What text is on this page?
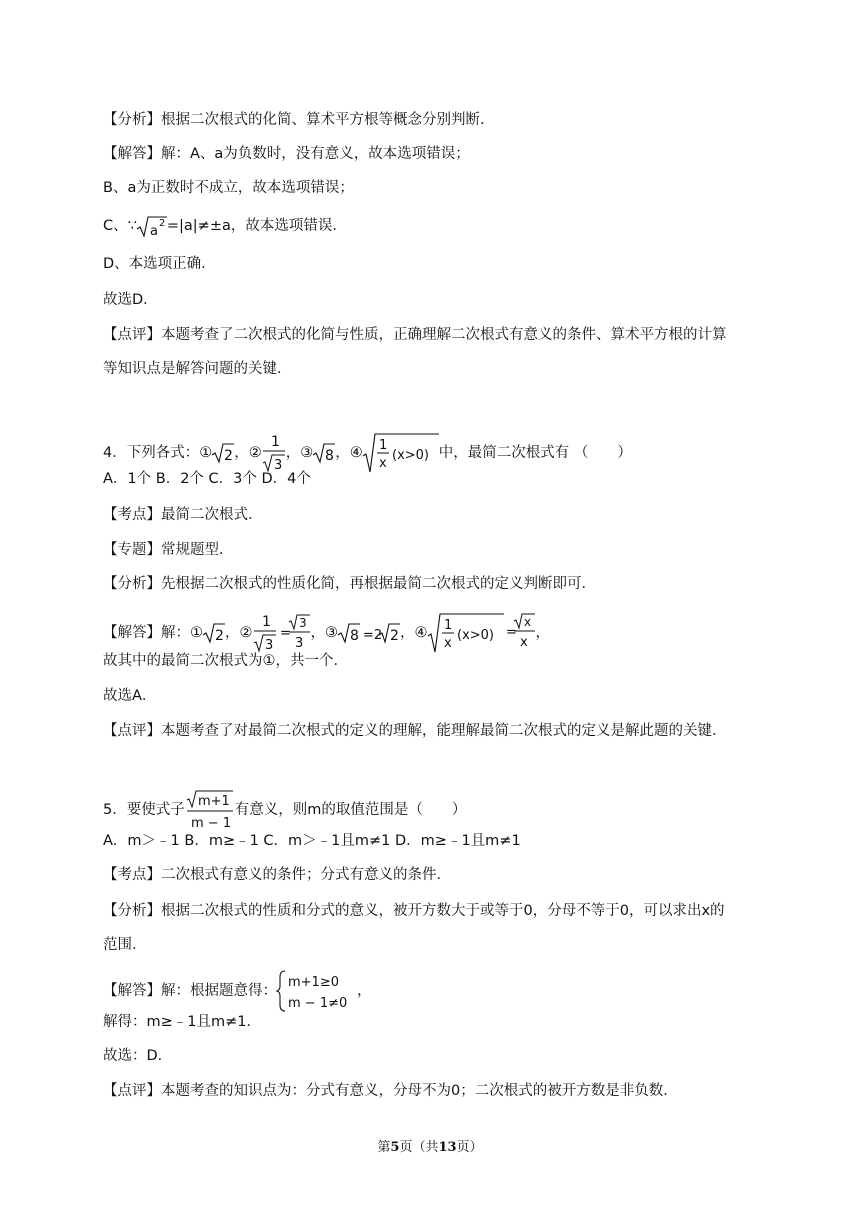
【分析】根据二次根式的化简、算术平方根等概念分别判断．
【解答】解：A、a为负数时，没有意义，故本选项错误；
B、a为正数时不成立，故本选项错误；
C、∵ a
2 =|a|≠±a，故本选项错误．
D、本选项正确．
故选D．
【点评】本题考查了二次根式的化简与性质，正确理解二次根式有意义的条件、算术平方根的计算
等知识点是解答问题的关键．
4．下列各式：① 2 ，②
1
3
，③ 8 ，④ 1
x
(x>0) 中，最简二次根式有 （　　）
A．1个 B．2个 C．3个 D．4个
【考点】最简二次根式．
【专题】常规题型．
【分析】先根据二次根式的性质化简，再根据最简二次根式的定义判断即可．
【解答】解：① 2 ，②
1
3
=
3
3
，③ 8 =2 2 ，④ 1
x
(x>0) =
x
x
，
故其中的最简二次根式为①，共一个．
故选A．
【点评】本题考查了对最简二次根式的定义的理解，能理解最简二次根式的定义是解此题的关键．
5．要使式子
m+1
m − 1
有意义，则m的取值范围是（　　）
A．m＞﹣1 B．m≥﹣1 C．m＞﹣1且m≠1 D．m≥﹣1且m≠1
【考点】二次根式有意义的条件；分式有意义的条件．
【分析】根据二次根式的性质和分式的意义，被开方数大于或等于0，分母不等于0，可以求出x的
范围．
【解答】解：根据题意得：
m+1≥0
m − 1≠0
，
解得：m≥﹣1且m≠1．
故选：D．
【点评】本题考查的知识点为：分式有意义，分母不为0；二次根式的被开方数是非负数．
第5页（共13页）
